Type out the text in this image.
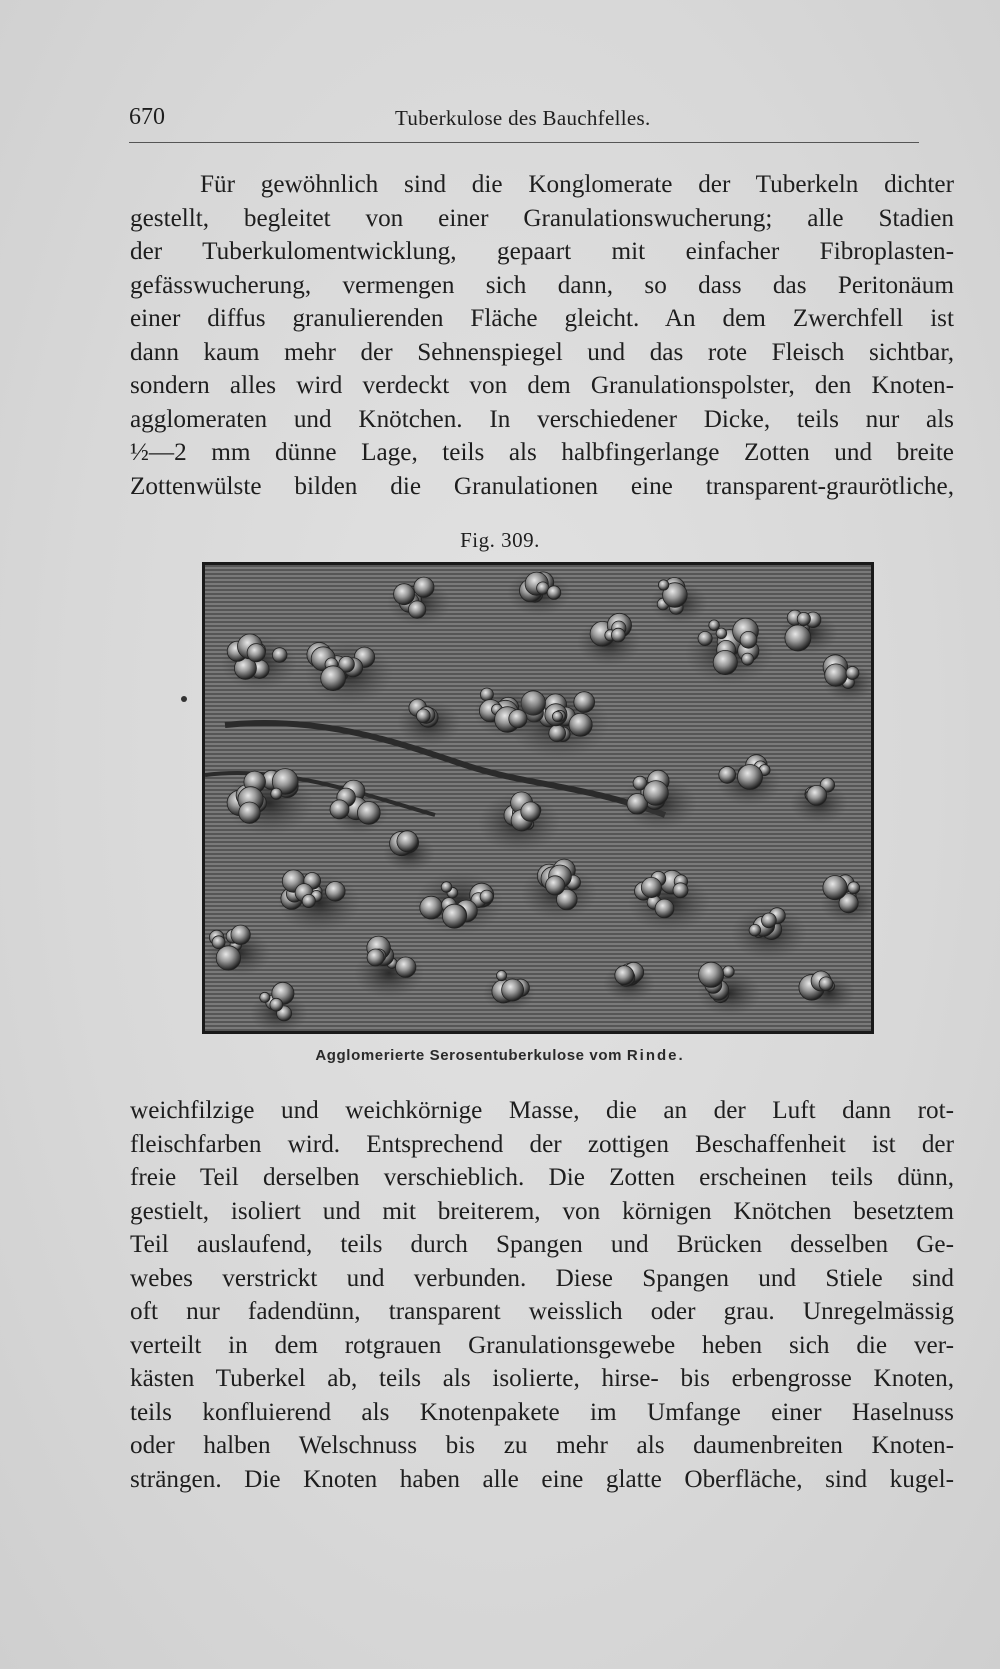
670	Tuberkulose des Bauchfelles.
Für gewöhnlich sind die Konglomerate der Tuberkeln dichter
gestellt, begleitet von einer Granulationswucherung; alle Stadien
der Tuberkulomentwicklung, gepaart mit einfacher Fibroplasten-
gefässwucherung, vermengen sich dann, so dass das Peritonäum
einer diffus granulierenden Fläche gleicht. An dem Zwerchfell ist
dann kaum mehr der Sehnenspiegel und das rote Fleisch sichtbar,
sondern alles wird verdeckt von dem Granulationspolster, den Knoten-
agglomeraten und Knötchen. In verschiedener Dicke, teils nur als
½—2 mm dünne Lage, teils als halbfingerlange Zotten und breite
Zottenwülste bilden die Granulationen eine transparent-graurötliche,
Fig. 309.
Agglomerierte Serosentuberkulose vom Rinde.
weichfilzige und weichkörnige Masse, die an der Luft dann rot-
fleischfarben wird. Entsprechend der zottigen Beschaffenheit ist der
freie Teil derselben verschieblich. Die Zotten erscheinen teils dünn,
gestielt, isoliert und mit breiterem, von körnigen Knötchen besetztem
Teil auslaufend, teils durch Spangen und Brücken desselben Ge-
webes verstrickt und verbunden. Diese Spangen und Stiele sind
oft nur fadendünn, transparent weisslich oder grau. Unregelmässig
verteilt in dem rotgrauen Granulationsgewebe heben sich die ver-
kästen Tuberkel ab, teils als isolierte, hirse- bis erbengrosse Knoten,
teils konfluierend als Knotenpakete im Umfange einer Haselnuss
oder halben Welschnuss bis zu mehr als daumenbreiten Knoten-
strängen. Die Knoten haben alle eine glatte Oberfläche, sind kugel-
